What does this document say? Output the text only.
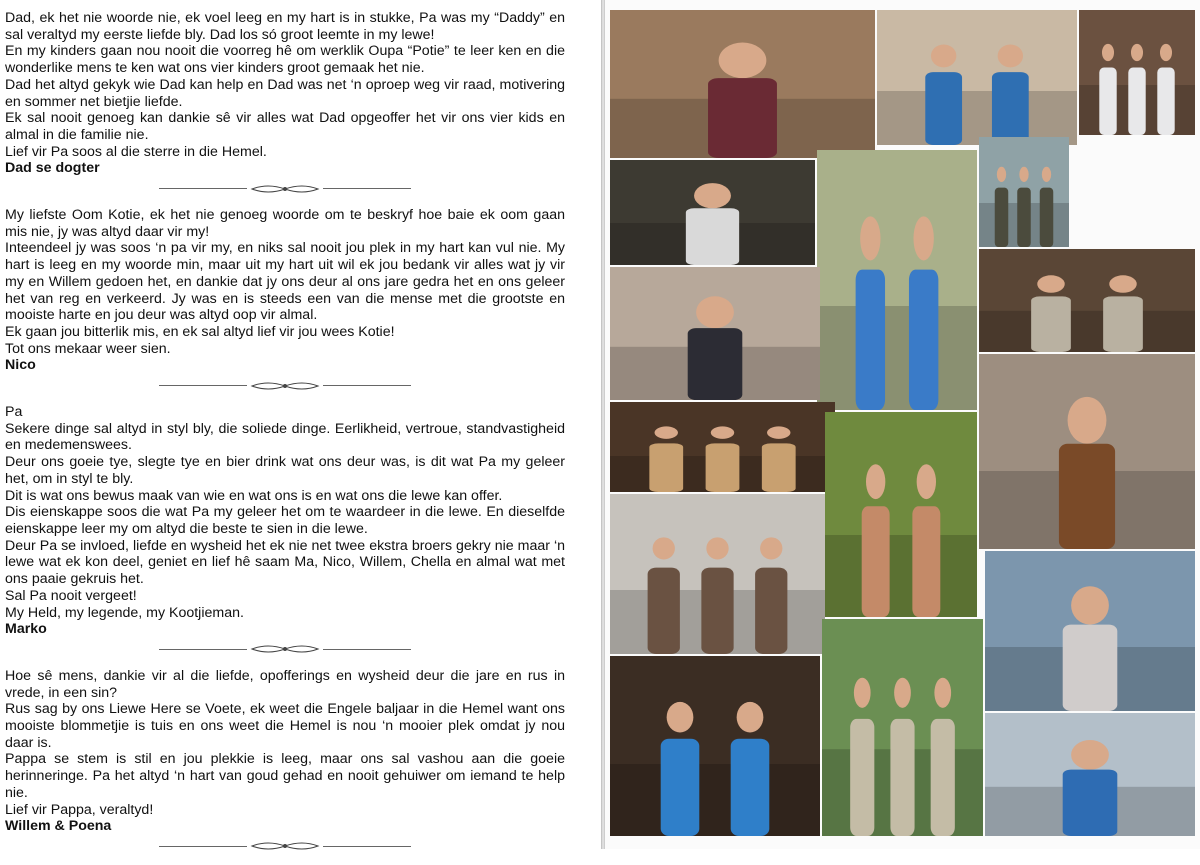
Dad, ek het nie woorde nie, ek voel leeg en my hart is in stukke, Pa was my “Daddy” en sal veraltyd my eerste liefde bly. Dad los só groot leemte in my lewe!

En my kinders gaan nou nooit die voorreg hê om werklik Oupa “Potie” te leer ken en die wonderlike mens te ken wat ons vier kinders groot gemaak het nie.

Dad het altyd gekyk wie Dad kan help en Dad was net ‘n oproep weg vir raad, motivering en sommer net bietjie liefde.

Ek sal nooit genoeg kan dankie sê vir alles wat Dad opgeoffer het vir ons vier kids en almal in die familie nie.

Lief vir Pa soos al die sterre in die Hemel.

Dad se dogter

My liefste Oom Kotie, ek het nie genoeg woorde om te beskryf hoe baie ek oom gaan mis nie, jy was altyd daar vir my!

Inteendeel jy was soos ‘n pa vir my, en niks sal nooit jou plek in my hart kan vul nie. My hart is leeg en my woorde min, maar uit my hart uit wil ek jou bedank vir alles wat jy vir my en Willem gedoen het, en dankie dat jy ons deur al ons jare gedra het en ons geleer het van reg en verkeerd. Jy was en is steeds een van die mense met die grootste en mooiste harte en jou deur was altyd oop vir almal.

Ek gaan jou bitterlik mis, en ek sal altyd lief vir jou wees Kotie!

Tot ons mekaar weer sien.

Nico

Pa

Sekere dinge sal altyd in styl bly, die soliede dinge. Eerlikheid, vertroue, standvastigheid en medemenswees.

Deur ons goeie tye, slegte tye en bier drink wat ons deur was, is dit wat Pa my geleer het, om in styl te bly.

Dit is wat ons bewus maak van wie en wat ons is en wat ons die lewe kan offer.

Dis eienskappe soos die wat Pa my geleer het om te waardeer in die lewe. En dieselfde eienskappe leer my om altyd die beste te sien in die lewe.

Deur Pa se invloed, liefde en wysheid het ek nie net twee ekstra broers gekry nie maar ‘n lewe wat ek kon deel, geniet en lief hê saam Ma, Nico, Willem, Chella en almal wat met ons paaie gekruis het.

Sal Pa nooit vergeet!

My Held, my legende, my Kootjieman.

Marko

Hoe sê mens, dankie vir al die liefde, opofferings en wysheid deur die jare en rus in vrede, in een sin?

Rus sag by ons Liewe Here se Voete, ek weet die Engele baljaar in die Hemel want ons mooiste blommetjie is tuis en ons weet die Hemel is nou ‘n mooier plek omdat jy nou daar is.

Pappa se stem is stil en jou plekkie is leeg, maar ons sal vashou aan die goeie herinneringe. Pa het altyd ‘n hart van goud gehad en nooit gehuiwer om iemand te help nie.

Lief vir Pappa, veraltyd!

Willem & Poena
